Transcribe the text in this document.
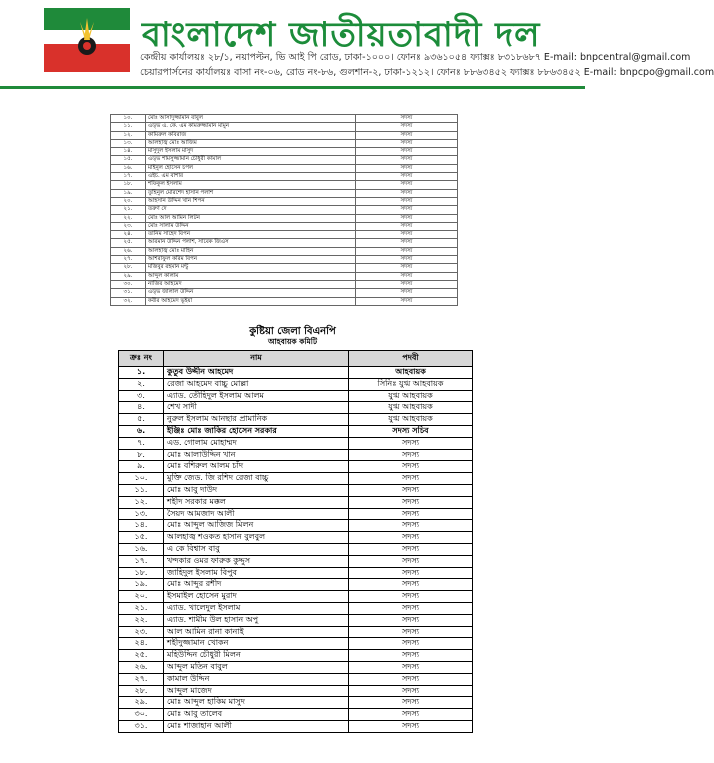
বাংলাদেশ জাতীয়তাবাদী দল
কেন্দ্রীয় কার্যালয়ঃ ২৮/১, নয়াপল্টন, ভি আই পি রোড, ঢাকা-১০০০। ফোনঃ ৯৩৬১০৫৪ ফ্যাক্সঃ ৮৩১৮৬৮৭ E-mail: bnpcentral@gmail.com
চেয়ারপার্সনের কার্যালয়ঃ বাসা নং-০৬, রোড নং-৮৬, গুলশান-২, ঢাকা-১২১২। ফোনঃ ৮৮৬৩৪৫২ ফ্যাক্সঃ ৮৮৬৩৪৫২ E-mail: bnpcpo@gmail.com
১০.	মোঃ আসাদুজ্জামান বাবুল	সদস্য
১১.	এড্ভ এ. কে. এম কামরুজ্জামান মামুন	সদস্য
১২.	কামিরুল কবিরাজ	সদস্য
১৩.	আলহাজ্ব মোঃ আজিম	সদস্য
১৪.	মাসুদুল ইসলাম মাসুদ	সদস্য
১৫.	এড্ভ শামসুজ্জামান চৌধুরী কামাল	সদস্য
১৬.	মাইনুল হোসেন চপল	সদস্য
১৭.	এইচ. এম বাশার	সদস্য
১৮.	শফিকুল ইসলাম	সদস্য
১৯.	তুহিনুল মোরশেদ হাসান পলাশ	সদস্য
২০.	আহসান উদ্দিন খান শিপন	সদস্য
২১.	তরুণ দে	সদস্য
২২.	মোঃ আল আমিন লিটন	সদস্য
২৩.	মোঃ সালাম উদ্দিন	সদস্য
২৪.	তানিম সাহেদ বিপন	সদস্য
২৫.	আরমান উদ্দিন পলাশ, সাবেক জিএস	সদস্য
২৬.	আলহাজ্ব মোঃ মাহিন	সদস্য
২৭.	আশরাফুল করিম বিপন	সদস্য
২৮.	মজিবুর রহমান মন্টু	সদস্য
২৯.	আব্দুল কালাম	সদস্য
৩০.	নাজির আহমেদ	সদস্য
৩১.	এড্ভ জালাল উদ্দিন	সদস্য
৩২.	কবীর আহমেদ ভূইয়া	সদস্য
কুষ্টিয়া জেলা বিএনপি
আহবায়ক কমিটি
ক্রঃ নং	নাম	পদবী
১.	কুতুব উদ্দীন আহমেদ	আহবায়ক
২.	রেজা আহমেদ বাচ্চু মোল্লা	সিনিঃ যুগ্ম আহবায়ক
৩.	এ্যাড. তৌহিদুল ইসলাম আলম	যুগ্ম আহবায়ক
৪.	শেখ সাদী	যুগ্ম আহবায়ক
৫.	নুরুল ইসলাম আনছার প্রামানিক	যুগ্ম আহবায়ক
৬.	ইঞ্জিঃ মোঃ জাকির হোসেন সরকার	সদস্য সচিব
৭.	এড. গোলাম মোহাম্মদ	সদস্য
৮.	মোঃ আলাউদ্দিন খান	সদস্য
৯.	মোঃ বশিরুল আলম চাঁদ	সদস্য
১০.	মুক্তি জেড. জি রশিদ রেজা বাচ্চু	সদস্য
১১.	মোঃ আবু দাউদ	সদস্য
১২.	শহীদ সরকার মক্কল	সদস্য
১৩.	সৈয়দ আমজাদ আলী	সদস্য
১৪.	মোঃ আব্দুল আজিজ মিলন	সদস্য
১৫.	আলহাজ্ব শওকত হাসান বুলবুল	সদস্য
১৬.	এ কে বিশ্বাস বাবু	সদস্য
১৭.	খন্দকার ওমর ফারুক কুদ্দুস	সদস্য
১৮.	জাহিদুল ইসলাম বিপুব	সদস্য
১৯.	মোঃ আব্দুর রশীদ	সদস্য
২০.	ইসমাইল হোসেন মুরাদ	সদস্য
২১.	এ্যাড. খালেদুল ইসলাম	সদস্য
২২.	এ্যাড. শামীম উল হাসান অপু	সদস্য
২৩.	আল আমিন রানা কানাই	সদস্য
২৪.	শহীদুজ্জামান খোকন	সদস্য
২৫.	মহিউদ্দিন চৌধুরী মিলন	সদস্য
২৬.	আব্দুল মতিন বাবুল	সদস্য
২৭.	কামাল উদ্দিন	সদস্য
২৮.	আব্দুল মাজেদ	সদস্য
২৯.	মোঃ আব্দুল হাকিম মাসুদ	সদস্য
৩০.	মোঃ আবু তালেব	সদস্য
৩১.	মোঃ শাজাহান আলী	সদস্য
